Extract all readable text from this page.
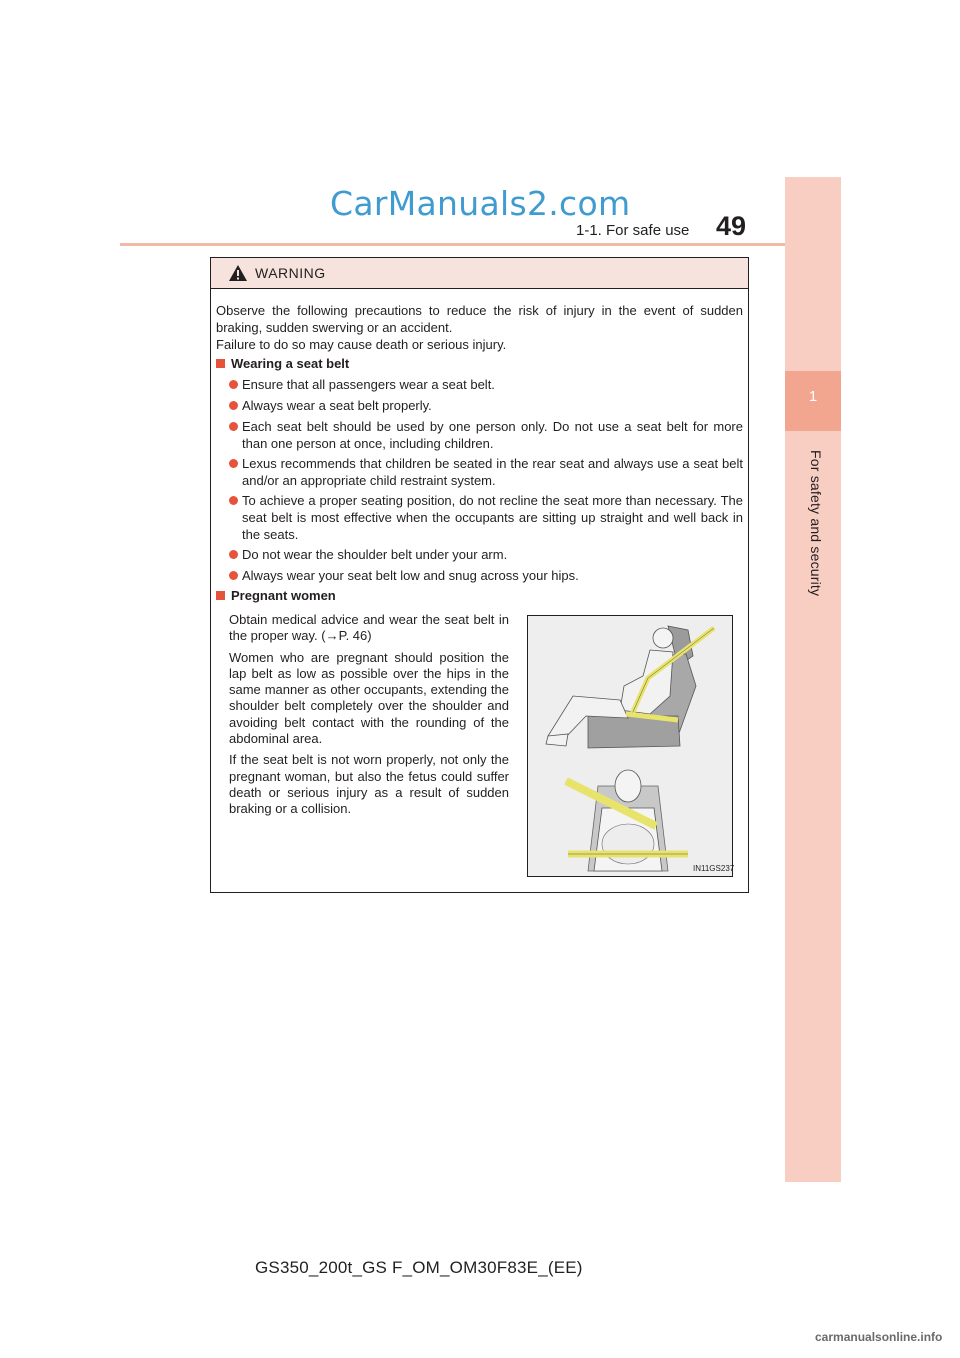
CarManuals2.com
1-1. For safe use 49
1
For safety and security
WARNING
Observe the following precautions to reduce the risk of injury in the event of sudden braking, sudden swerving or an accident.
Failure to do so may cause death or serious injury.
Wearing a seat belt
Ensure that all passengers wear a seat belt.
Always wear a seat belt properly.
Each seat belt should be used by one person only. Do not use a seat belt for more than one person at once, including children.
Lexus recommends that children be seated in the rear seat and always use a seat belt and/or an appropriate child restraint system.
To achieve a proper seating position, do not recline the seat more than necessary. The seat belt is most effective when the occupants are sitting up straight and well back in the seats.
Do not wear the shoulder belt under your arm.
Always wear your seat belt low and snug across your hips.
Pregnant women

Obtain medical advice and wear the seat belt in the proper way. (→P. 46)

Women who are pregnant should position the lap belt as low as possible over the hips in the same manner as other occupants, extending the shoulder belt completely over the shoulder and avoiding belt contact with the rounding of the abdominal area.

If the seat belt is not worn properly, not only the pregnant woman, but also the fetus could suffer death or serious injury as a result of sudden braking or a collision.

IN11GS237
GS350_200t_GS F_OM_OM30F83E_(EE)
carmanualsonline.info
